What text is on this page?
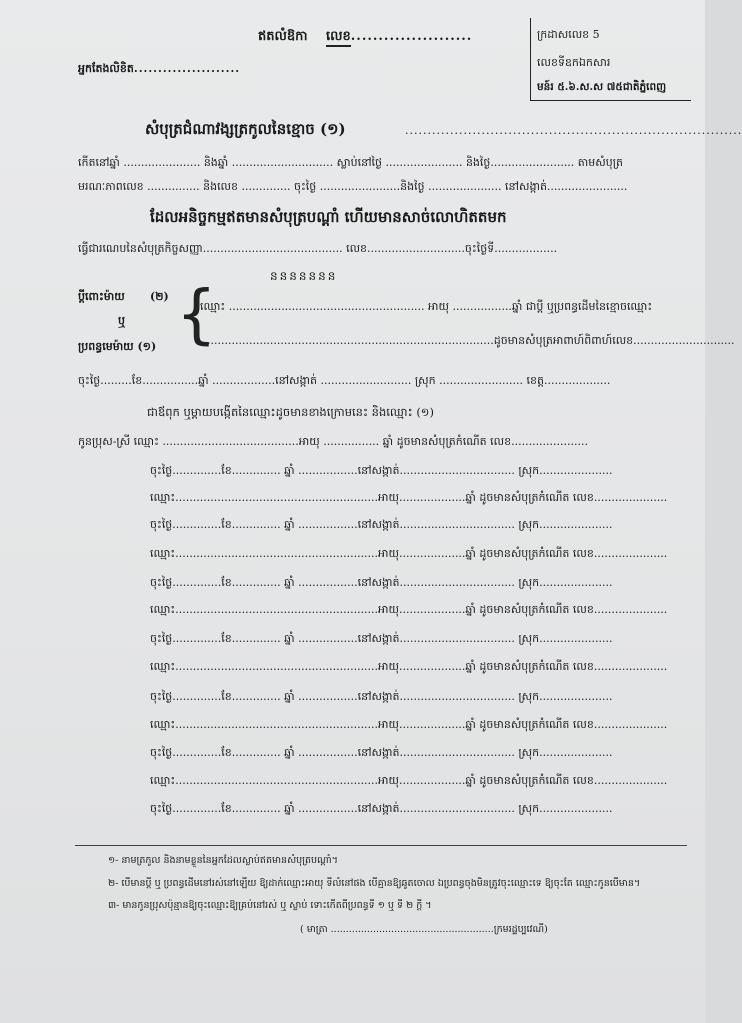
ឥតលំឱកា លេខ......................
អ្នកតែងលិខិត......................
ក្រដាសលេខ 5
លេខទីឧកឯកសារ
មន៍រ ៥.៦.ស.ស ៧៥ជាតិភ្នំពេញ
សំបុត្រជំណាវង្សត្រកូលនៃខ្មោច (១)	...........................................................................
កើតនៅឆ្នាំ ...................... និងឆ្នាំ ............................. ស្លាប់នៅថ្ងៃ ...................... និងថ្ងៃ........................ តាមសំបុត្រ
មរណៈភាពលេខ ............... និងលេខ .............. ចុះថ្ងៃ .......................និងថ្ងៃ ..................... នៅសង្កាត់.......................
ដែលអនិច្ចកម្មឥតមានសំបុត្របណ្ដាំ ហើយមានសាច់លោហិតតមក
ធ្វើជារណេបនៃសំបុត្រកិច្ចសញ្ញា........................................ លេខ............................ចុះថ្ងៃទី..................
ននននននន
ប្ដីពោះម៉ាយ (២)
ឬ
ប្រពន្ធមេម៉ាយ (១) {
ឈ្មោះ ........................................................ អាយុ .................ឆ្នាំ ជាប្ដី ឬប្រពន្ធដើមនៃខ្មោចឈ្មោះ
....................................................................................ដូចមានសំបុត្រអាពាហ៍ពិពាហ៍លេខ.............................
ចុះថ្ងៃ.........ខែ................ឆ្នាំ ..................នៅសង្កាត់ .......................... ស្រុក ........................ ខេត្ត...................
ជាឪពុក ឬម្ដាយបង្កើតនៃឈ្មោះដូចមានខាងក្រោមនេះ និងឈ្មោះ (១)
កូនប្រុស-ស្រី ឈ្មោះ .......................................អាយុ ................ ឆ្នាំ ដូចមានសំបុត្រកំណើត លេខ......................
ចុះថ្ងៃ..............ខែ.............. ឆ្នាំ .................នៅសង្កាត់................................. ស្រុក.....................
ឈ្មោះ..........................................................អាយុ...................ឆ្នាំ ដូចមានសំបុត្រកំណើត លេខ.....................
ចុះថ្ងៃ..............ខែ.............. ឆ្នាំ .................នៅសង្កាត់................................. ស្រុក.....................
ឈ្មោះ..........................................................អាយុ...................ឆ្នាំ ដូចមានសំបុត្រកំណើត លេខ.....................
ចុះថ្ងៃ..............ខែ.............. ឆ្នាំ .................នៅសង្កាត់................................. ស្រុក.....................
ឈ្មោះ..........................................................អាយុ...................ឆ្នាំ ដូចមានសំបុត្រកំណើត លេខ.....................
ចុះថ្ងៃ..............ខែ.............. ឆ្នាំ .................នៅសង្កាត់................................. ស្រុក.....................
ឈ្មោះ..........................................................អាយុ...................ឆ្នាំ ដូចមានសំបុត្រកំណើត លេខ.....................
ចុះថ្ងៃ..............ខែ.............. ឆ្នាំ .................នៅសង្កាត់................................. ស្រុក.....................
ឈ្មោះ..........................................................អាយុ...................ឆ្នាំ ដូចមានសំបុត្រកំណើត លេខ.....................
ចុះថ្ងៃ..............ខែ.............. ឆ្នាំ .................នៅសង្កាត់................................. ស្រុក.....................
ឈ្មោះ..........................................................អាយុ...................ឆ្នាំ ដូចមានសំបុត្រកំណើត លេខ.....................
ចុះថ្ងៃ..............ខែ.............. ឆ្នាំ .................នៅសង្កាត់................................. ស្រុក.....................
១- នាមត្រកូល និងនាមខ្លួននៃអ្នកដែលស្លាប់ឥតមានសំបុត្របណ្ដាំ។
២- បើមានប្ដី ឬ ប្រពន្ធដើមនៅរស់នៅឡើយ ឱ្យដាក់ឈ្មោះអាយុ ទីលំនៅផង បើគ្មានឱ្យឆូតចោល ឯប្រពន្ធចុងមិនត្រូវចុះឈ្មោះទេ ឱ្យចុះតែ ឈ្មោះកូនបើមាន។
៣- មានកូនប្រុសប៉ុន្មានឱ្យចុះឈ្មោះឱ្យគ្រប់នៅរស់ ឬ ស្លាប់ ទោះកើតពីប្រពន្ធទី ១ ឬ ទី ២ ក្ដី ។
( មាត្រា ......................................................ក្រមរដ្ឋប្បវេណី)
